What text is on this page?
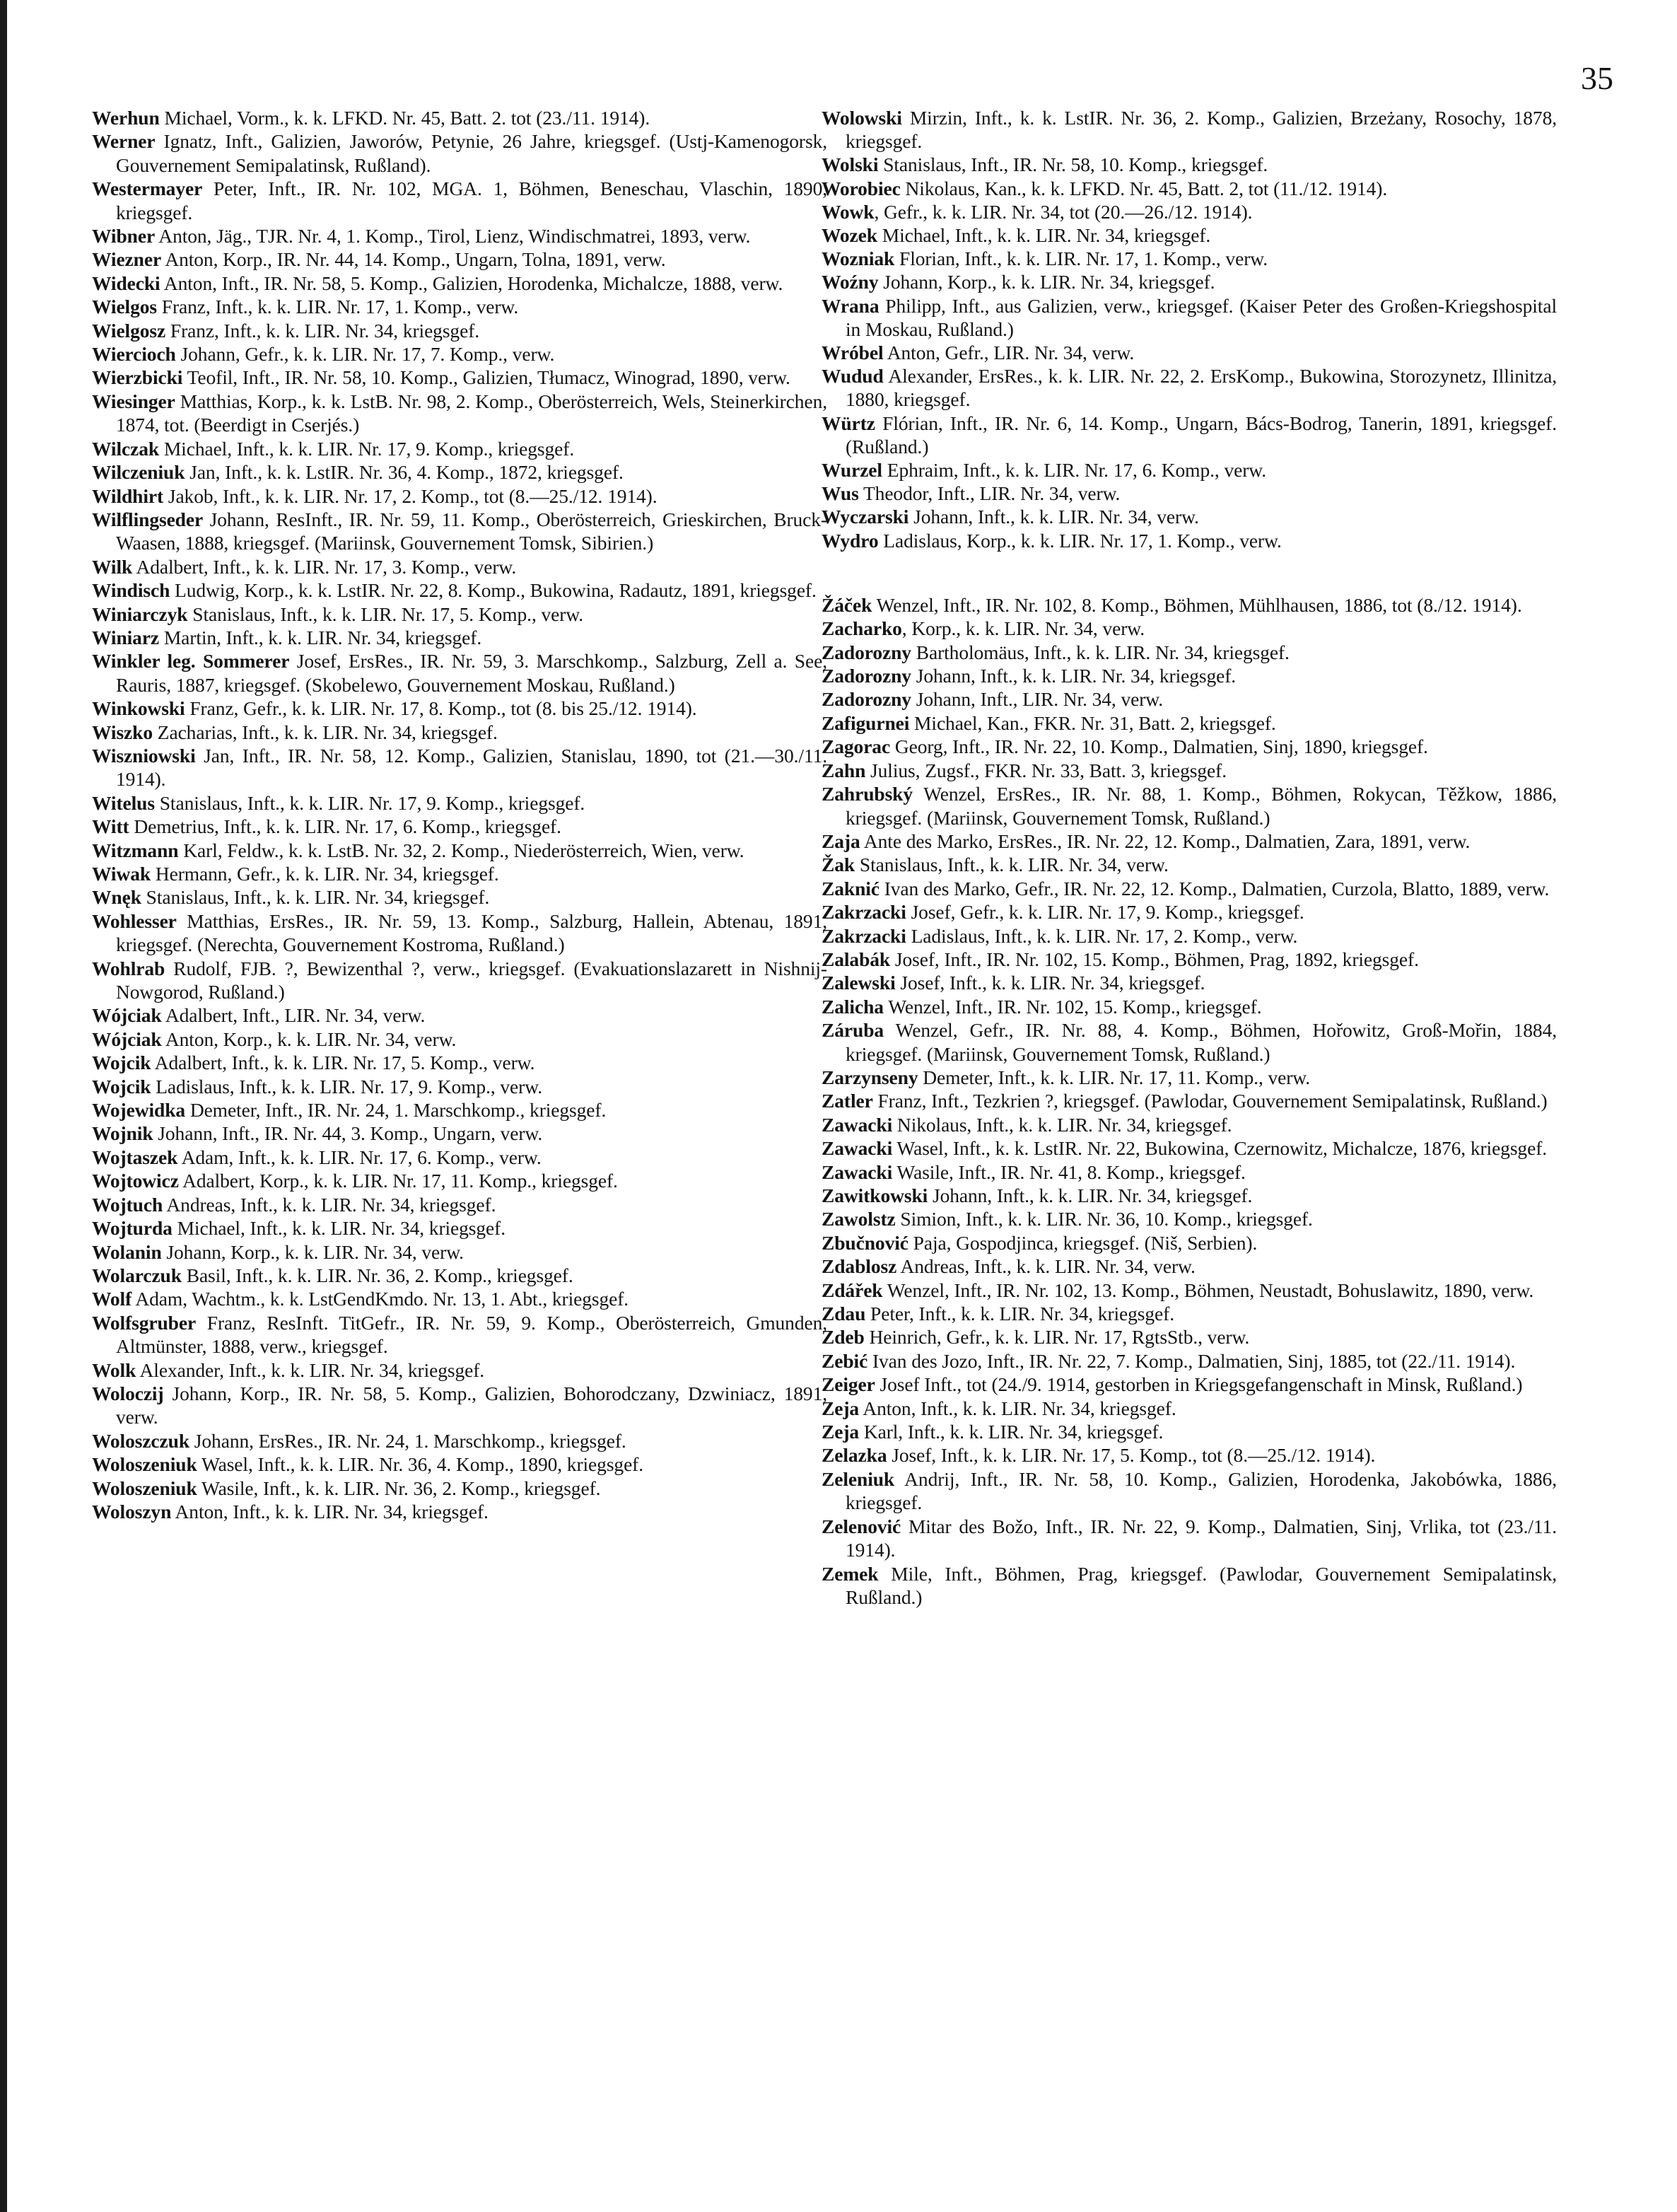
35

Werhun Michael, Vorm., k. k. LFKD. Nr. 45, Batt. 2. tot (23./11. 1914).

Werner Ignatz, Inft., Galizien, Jaworów, Petynie, 26 Jahre, kriegsgef. (Ustj-Kamenogorsk, Gouvernement Semipalatinsk, Rußland).

Westermayer Peter, Inft., IR. Nr. 102, MGA. 1, Böhmen, Beneschau, Vlaschin, 1890, kriegsgef.

Wibner Anton, Jäg., TJR. Nr. 4, 1. Komp., Tirol, Lienz, Windischmatrei, 1893, verw.

Wiezner Anton, Korp., IR. Nr. 44, 14. Komp., Ungarn, Tolna, 1891, verw.

Widecki Anton, Inft., IR. Nr. 58, 5. Komp., Galizien, Horodenka, Michalcze, 1888, verw.

Wielgos Franz, Inft., k. k. LIR. Nr. 17, 1. Komp., verw.

Wielgosz Franz, Inft., k. k. LIR. Nr. 34, kriegsgef.

Wiercioch Johann, Gefr., k. k. LIR. Nr. 17, 7. Komp., verw.

Wierzbicki Teofil, Inft., IR. Nr. 58, 10. Komp., Galizien, Tłumacz, Winograd, 1890, verw.

Wiesinger Matthias, Korp., k. k. LstB. Nr. 98, 2. Komp., Oberösterreich, Wels, Steinerkirchen, 1874, tot. (Beerdigt in Cserjés.)

Wilczak Michael, Inft., k. k. LIR. Nr. 17, 9. Komp., kriegsgef.

Wilczeniuk Jan, Inft., k. k. LstIR. Nr. 36, 4. Komp., 1872, kriegsgef.

Wildhirt Jakob, Inft., k. k. LIR. Nr. 17, 2. Komp., tot (8.—25./12. 1914).

Wilflingseder Johann, ResInft., IR. Nr. 59, 11. Komp., Oberösterreich, Grieskirchen, Bruck-Waasen, 1888, kriegsgef. (Mariinsk, Gouvernement Tomsk, Sibirien.)

Wilk Adalbert, Inft., k. k. LIR. Nr. 17, 3. Komp., verw.

Windisch Ludwig, Korp., k. k. LstIR. Nr. 22, 8. Komp., Bukowina, Radautz, 1891, kriegsgef.

Winiarczyk Stanislaus, Inft., k. k. LIR. Nr. 17, 5. Komp., verw.

Winiarz Martin, Inft., k. k. LIR. Nr. 34, kriegsgef.

Winkler leg. Sommerer Josef, ErsRes., IR. Nr. 59, 3. Marschkomp., Salzburg, Zell a. See, Rauris, 1887, kriegsgef. (Skobelewo, Gouvernement Moskau, Rußland.)

Winkowski Franz, Gefr., k. k. LIR. Nr. 17, 8. Komp., tot (8. bis 25./12. 1914).

Wiszko Zacharias, Inft., k. k. LIR. Nr. 34, kriegsgef.

Wiszniowski Jan, Inft., IR. Nr. 58, 12. Komp., Galizien, Stanislau, 1890, tot (21.—30./11. 1914).

Witelus Stanislaus, Inft., k. k. LIR. Nr. 17, 9. Komp., kriegsgef.

Witt Demetrius, Inft., k. k. LIR. Nr. 17, 6. Komp., kriegsgef.

Witzmann Karl, Feldw., k. k. LstB. Nr. 32, 2. Komp., Niederösterreich, Wien, verw.

Wiwak Hermann, Gefr., k. k. LIR. Nr. 34, kriegsgef.

Wnęk Stanislaus, Inft., k. k. LIR. Nr. 34, kriegsgef.

Wohlesser Matthias, ErsRes., IR. Nr. 59, 13. Komp., Salzburg, Hallein, Abtenau, 1891, kriegsgef. (Nerechta, Gouvernement Kostroma, Rußland.)

Wohlrab Rudolf, FJB. ?, Bewizenthal ?, verw., kriegsgef. (Evakuationslazarett in Nishnij-Nowgorod, Rußland.)

Wójciak Adalbert, Inft., LIR. Nr. 34, verw.

Wójciak Anton, Korp., k. k. LIR. Nr. 34, verw.

Wojcik Adalbert, Inft., k. k. LIR. Nr. 17, 5. Komp., verw.

Wojcik Ladislaus, Inft., k. k. LIR. Nr. 17, 9. Komp., verw.

Wojewidka Demeter, Inft., IR. Nr. 24, 1. Marschkomp., kriegsgef.

Wojnik Johann, Inft., IR. Nr. 44, 3. Komp., Ungarn, verw.

Wojtaszek Adam, Inft., k. k. LIR. Nr. 17, 6. Komp., verw.

Wojtowicz Adalbert, Korp., k. k. LIR. Nr. 17, 11. Komp., kriegsgef.

Wojtuch Andreas, Inft., k. k. LIR. Nr. 34, kriegsgef.

Wojturda Michael, Inft., k. k. LIR. Nr. 34, kriegsgef.

Wolanin Johann, Korp., k. k. LIR. Nr. 34, verw.

Wolarczuk Basil, Inft., k. k. LIR. Nr. 36, 2. Komp., kriegsgef.

Wolf Adam, Wachtm., k. k. LstGendKmdo. Nr. 13, 1. Abt., kriegsgef.

Wolfsgruber Franz, ResInft. TitGefr., IR. Nr. 59, 9. Komp., Oberösterreich, Gmunden, Altmünster, 1888, verw., kriegsgef.

Wolk Alexander, Inft., k. k. LIR. Nr. 34, kriegsgef.

Woloczij Johann, Korp., IR. Nr. 58, 5. Komp., Galizien, Bohorodczany, Dzwiniacz, 1891, verw.

Woloszczuk Johann, ErsRes., IR. Nr. 24, 1. Marschkomp., kriegsgef.

Woloszeniuk Wasel, Inft., k. k. LIR. Nr. 36, 4. Komp., 1890, kriegsgef.

Woloszeniuk Wasile, Inft., k. k. LIR. Nr. 36, 2. Komp., kriegsgef.

Woloszyn Anton, Inft., k. k. LIR. Nr. 34, kriegsgef.

Wolowski Mirzin, Inft., k. k. LstIR. Nr. 36, 2. Komp., Galizien, Brzeżany, Rosochy, 1878, kriegsgef.

Wolski Stanislaus, Inft., IR. Nr. 58, 10. Komp., kriegsgef.

Worobiec Nikolaus, Kan., k. k. LFKD. Nr. 45, Batt. 2, tot (11./12. 1914).

Wowk, Gefr., k. k. LIR. Nr. 34, tot (20.—26./12. 1914).

Wozek Michael, Inft., k. k. LIR. Nr. 34, kriegsgef.

Wozniak Florian, Inft., k. k. LIR. Nr. 17, 1. Komp., verw.

Woźny Johann, Korp., k. k. LIR. Nr. 34, kriegsgef.

Wrana Philipp, Inft., aus Galizien, verw., kriegsgef. (Kaiser Peter des Großen-Kriegshospital in Moskau, Rußland.)

Wróbel Anton, Gefr., LIR. Nr. 34, verw.

Wudud Alexander, ErsRes., k. k. LIR. Nr. 22, 2. ErsKomp., Bukowina, Storozynetz, Illinitza, 1880, kriegsgef.

Würtz Flórian, Inft., IR. Nr. 6, 14. Komp., Ungarn, Bács-Bodrog, Tanerin, 1891, kriegsgef. (Rußland.)

Wurzel Ephraim, Inft., k. k. LIR. Nr. 17, 6. Komp., verw.

Wus Theodor, Inft., LIR. Nr. 34, verw.

Wyczarski Johann, Inft., k. k. LIR. Nr. 34, verw.

Wydro Ladislaus, Korp., k. k. LIR. Nr. 17, 1. Komp., verw.

Žáček Wenzel, Inft., IR. Nr. 102, 8. Komp., Böhmen, Mühlhausen, 1886, tot (8./12. 1914).

Zacharko, Korp., k. k. LIR. Nr. 34, verw.

Zadorozny Bartholomäus, Inft., k. k. LIR. Nr. 34, kriegsgef.

Zadorozny Johann, Inft., k. k. LIR. Nr. 34, kriegsgef.

Zadorozny Johann, Inft., LIR. Nr. 34, verw.

Zafigurnei Michael, Kan., FKR. Nr. 31, Batt. 2, kriegsgef.

Zagorac Georg, Inft., IR. Nr. 22, 10. Komp., Dalmatien, Sinj, 1890, kriegsgef.

Zahn Julius, Zugsf., FKR. Nr. 33, Batt. 3, kriegsgef.

Zahrubský Wenzel, ErsRes., IR. Nr. 88, 1. Komp., Böhmen, Rokycan, Těžkow, 1886, kriegsgef. (Mariinsk, Gouvernement Tomsk, Rußland.)

Zaja Ante des Marko, ErsRes., IR. Nr. 22, 12. Komp., Dalmatien, Zara, 1891, verw.

Žak Stanislaus, Inft., k. k. LIR. Nr. 34, verw.

Zaknić Ivan des Marko, Gefr., IR. Nr. 22, 12. Komp., Dalmatien, Curzola, Blatto, 1889, verw.

Zakrzacki Josef, Gefr., k. k. LIR. Nr. 17, 9. Komp., kriegsgef.

Zakrzacki Ladislaus, Inft., k. k. LIR. Nr. 17, 2. Komp., verw.

Zalabák Josef, Inft., IR. Nr. 102, 15. Komp., Böhmen, Prag, 1892, kriegsgef.

Zalewski Josef, Inft., k. k. LIR. Nr. 34, kriegsgef.

Zalicha Wenzel, Inft., IR. Nr. 102, 15. Komp., kriegsgef.

Záruba Wenzel, Gefr., IR. Nr. 88, 4. Komp., Böhmen, Hořowitz, Groß-Mořin, 1884, kriegsgef. (Mariinsk, Gouvernement Tomsk, Rußland.)

Zarzynseny Demeter, Inft., k. k. LIR. Nr. 17, 11. Komp., verw.

Zatler Franz, Inft., Tezkrien ?, kriegsgef. (Pawlodar, Gouvernement Semipalatinsk, Rußland.)

Zawacki Nikolaus, Inft., k. k. LIR. Nr. 34, kriegsgef.

Zawacki Wasel, Inft., k. k. LstIR. Nr. 22, Bukowina, Czernowitz, Michalcze, 1876, kriegsgef.

Zawacki Wasile, Inft., IR. Nr. 41, 8. Komp., kriegsgef.

Zawitkowski Johann, Inft., k. k. LIR. Nr. 34, kriegsgef.

Zawolstz Simion, Inft., k. k. LIR. Nr. 36, 10. Komp., kriegsgef.

Zbučnović Paja, Gospodjinca, kriegsgef. (Niš, Serbien).

Zdablosz Andreas, Inft., k. k. LIR. Nr. 34, verw.

Zdářek Wenzel, Inft., IR. Nr. 102, 13. Komp., Böhmen, Neustadt, Bohuslawitz, 1890, verw.

Zdau Peter, Inft., k. k. LIR. Nr. 34, kriegsgef.

Zdeb Heinrich, Gefr., k. k. LIR. Nr. 17, RgtsStb., verw.

Zebić Ivan des Jozo, Inft., IR. Nr. 22, 7. Komp., Dalmatien, Sinj, 1885, tot (22./11. 1914).

Zeiger Josef Inft., tot (24./9. 1914, gestorben in Kriegsgefangenschaft in Minsk, Rußland.)

Zeja Anton, Inft., k. k. LIR. Nr. 34, kriegsgef.

Zeja Karl, Inft., k. k. LIR. Nr. 34, kriegsgef.

Zelazka Josef, Inft., k. k. LIR. Nr. 17, 5. Komp., tot (8.—25./12. 1914).

Zeleniuk Andrij, Inft., IR. Nr. 58, 10. Komp., Galizien, Horodenka, Jakobówka, 1886, kriegsgef.

Zelenović Mitar des Božo, Inft., IR. Nr. 22, 9. Komp., Dalmatien, Sinj, Vrlika, tot (23./11. 1914).

Zemek Mile, Inft., Böhmen, Prag, kriegsgef. (Pawlodar, Gouvernement Semipalatinsk, Rußland.)
